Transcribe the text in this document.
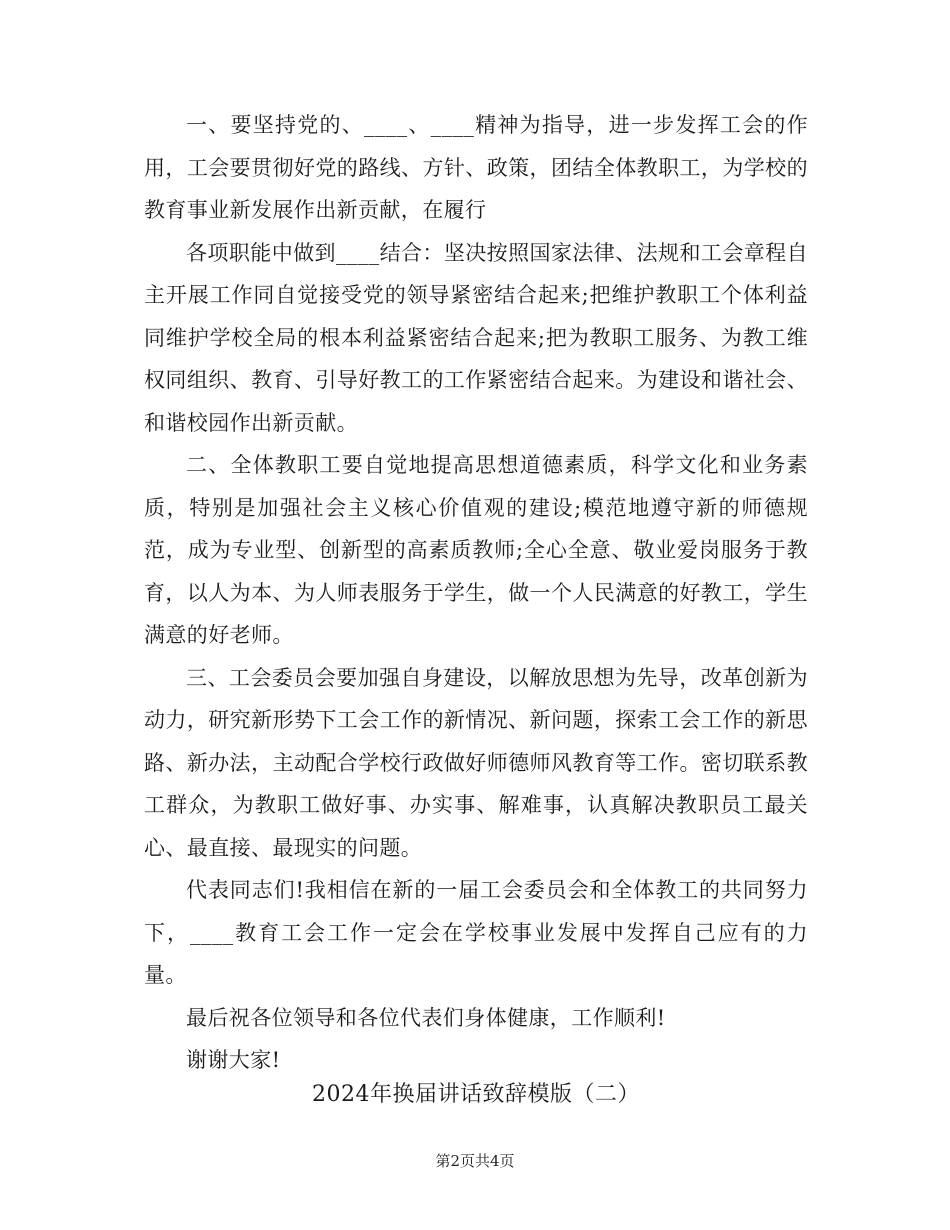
一、要坚持党的、____、____精神为指导，进一步发挥工会的作用，工会要贯彻好党的路线、方针、政策，团结全体教职工，为学校的教育事业新发展作出新贡献，在履行

各项职能中做到____结合：坚决按照国家法律、法规和工会章程自主开展工作同自觉接受党的领导紧密结合起来;把维护教职工个体利益同维护学校全局的根本利益紧密结合起来;把为教职工服务、为教工维权同组织、教育、引导好教工的工作紧密结合起来。为建设和谐社会、和谐校园作出新贡献。

二、全体教职工要自觉地提高思想道德素质，科学文化和业务素质，特别是加强社会主义核心价值观的建设;模范地遵守新的师德规范，成为专业型、创新型的高素质教师;全心全意、敬业爱岗服务于教育，以人为本、为人师表服务于学生，做一个人民满意的好教工，学生满意的好老师。

三、工会委员会要加强自身建设，以解放思想为先导，改革创新为动力，研究新形势下工会工作的新情况、新问题，探索工会工作的新思路、新办法，主动配合学校行政做好师德师风教育等工作。密切联系教工群众，为教职工做好事、办实事、解难事，认真解决教职员工最关心、最直接、最现实的问题。

代表同志们!我相信在新的一届工会委员会和全体教工的共同努力下，____教育工会工作一定会在学校事业发展中发挥自己应有的力量。

最后祝各位领导和各位代表们身体健康，工作顺利!

谢谢大家!

2024年换届讲话致辞模版（二）
第2页共4页
